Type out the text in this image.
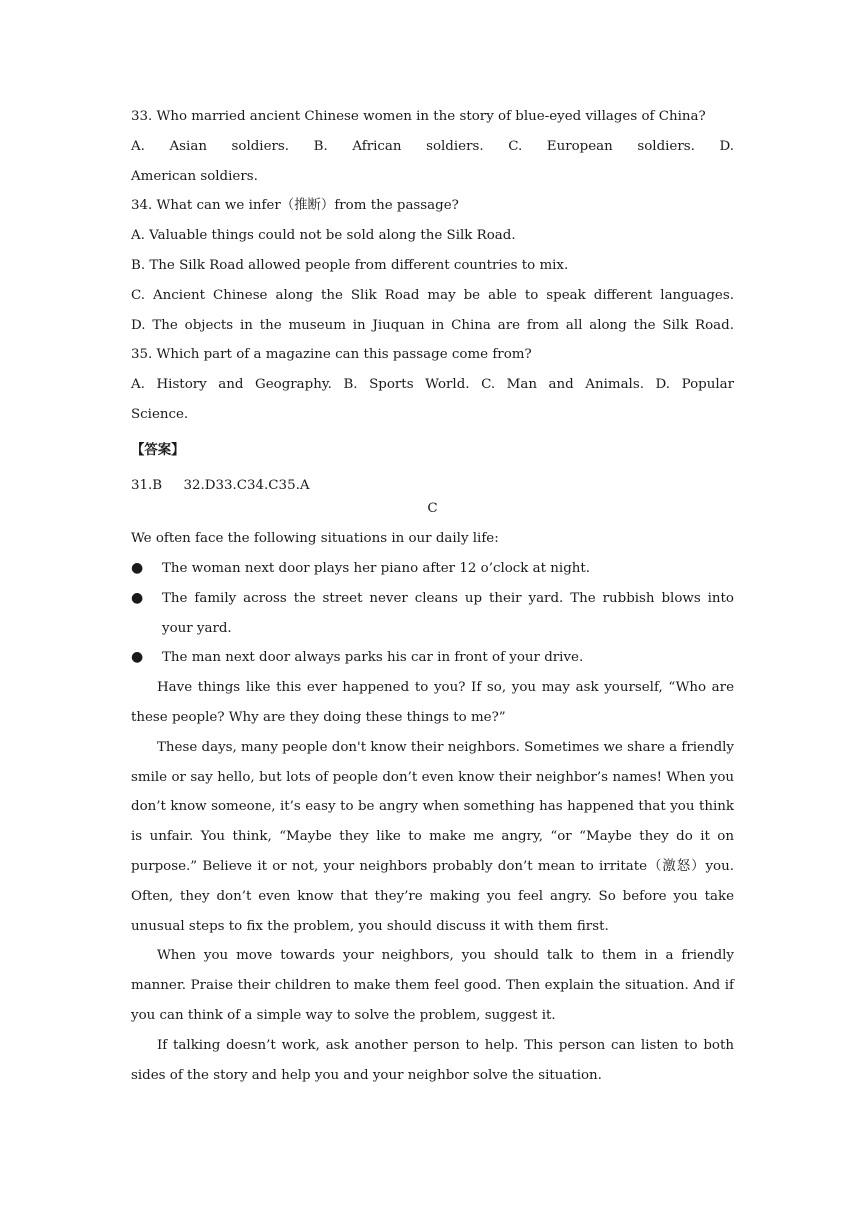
33. Who married ancient Chinese women in the story of blue-eyed villages of China?
A. Asian soldiers. B. African soldiers. C. European soldiers. D.
American soldiers.
34. What can we infer（推断）from the passage?
A. Valuable things could not be sold along the Silk Road.
B. The Silk Road allowed people from different countries to mix.
C. Ancient Chinese along the Slik Road may be able to speak different languages.
D. The objects in the museum in Jiuquan in China are from all along the Silk Road.
35. Which part of a magazine can this passage come from?
A. History and Geography. B. Sports World. C. Man and Animals. D. Popular
Science.
【答案】
31.B 32.D33.C34.C35.A
C
We often face the following situations in our daily life:
● The woman next door plays her piano after 12 o’clock at night.
● The family across the street never cleans up their yard. The rubbish blows into your yard.
● The man next door always parks his car in front of your drive.
Have things like this ever happened to you? If so, you may ask yourself, “Who are these people? Why are they doing these things to me?”
These days, many people don't know their neighbors. Sometimes we share a friendly smile or say hello, but lots of people don’t even know their neighbor’s names! When you don’t know someone, it’s easy to be angry when something has happened that you think is unfair. You think, “Maybe they like to make me angry, “or “Maybe they do it on purpose.” Believe it or not, your neighbors probably don’t mean to irritate（激怒）you. Often, they don’t even know that they’re making you feel angry. So before you take unusual steps to fix the problem, you should discuss it with them first.
When you move towards your neighbors, you should talk to them in a friendly manner. Praise their children to make them feel good. Then explain the situation. And if you can think of a simple way to solve the problem, suggest it.
If talking doesn’t work, ask another person to help. This person can listen to both sides of the story and help you and your neighbor solve the situation.
